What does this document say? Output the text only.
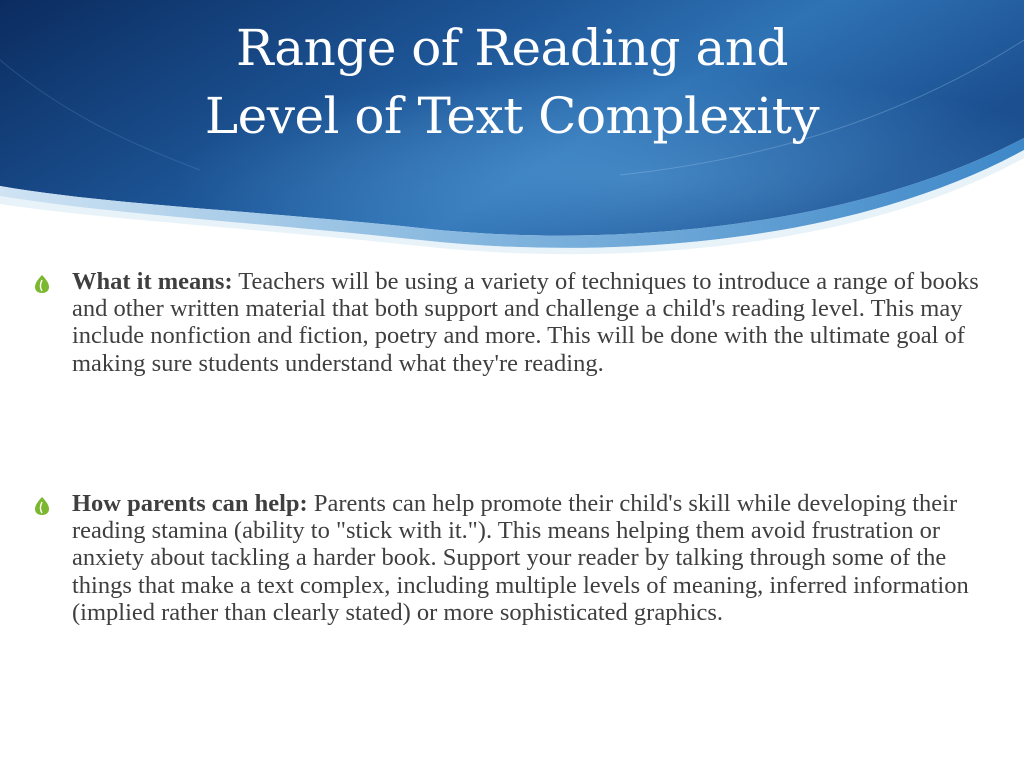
Range of Reading and
Level of Text Complexity
What it means: Teachers will be using a variety of techniques to introduce a range of books and other written material that both support and challenge a child's reading level. This may include nonfiction and fiction, poetry and more. This will be done with the ultimate goal of making sure students understand what they're reading.
How parents can help: Parents can help promote their child's skill while developing their reading stamina (ability to "stick with it."). This means helping them avoid frustration or anxiety about tackling a harder book. Support your reader by talking through some of the things that make a text complex, including multiple levels of meaning, inferred information (implied rather than clearly stated) or more sophisticated graphics.
